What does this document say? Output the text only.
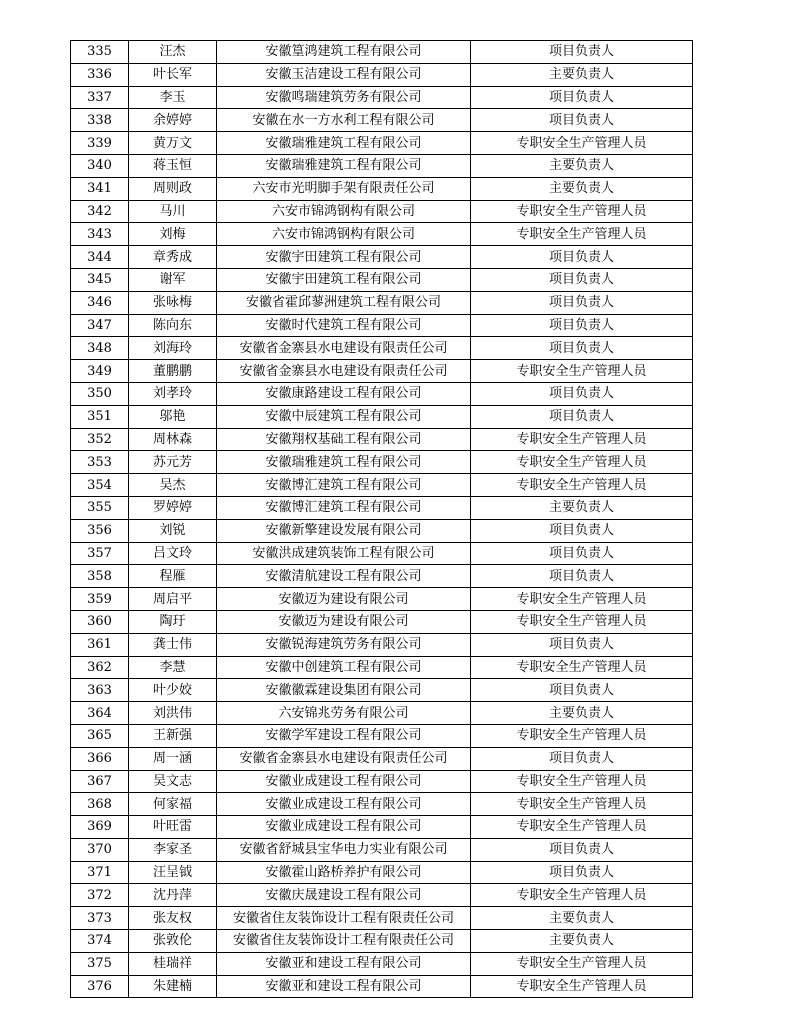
335	汪杰	安徽篁鸿建筑工程有限公司	项目负责人
336	叶长军	安徽玉洁建设工程有限公司	主要负责人
337	李玉	安徽鸣瑞建筑劳务有限公司	项目负责人
338	余婷婷	安徽在水一方水利工程有限公司	项目负责人
339	黄万文	安徽瑞雅建筑工程有限公司	专职安全生产管理人员
340	蒋玉恒	安徽瑞雅建筑工程有限公司	主要负责人
341	周则政	六安市光明脚手架有限责任公司	主要负责人
342	马川	六安市锦鸿钢构有限公司	专职安全生产管理人员
343	刘梅	六安市锦鸿钢构有限公司	专职安全生产管理人员
344	章秀成	安徽宇田建筑工程有限公司	项目负责人
345	谢军	安徽宇田建筑工程有限公司	项目负责人
346	张咏梅	安徽省霍邱蓼洲建筑工程有限公司	项目负责人
347	陈向东	安徽时代建筑工程有限公司	项目负责人
348	刘海玲	安徽省金寨县水电建设有限责任公司	项目负责人
349	董鹏鹏	安徽省金寨县水电建设有限责任公司	专职安全生产管理人员
350	刘孝玲	安徽康路建设工程有限公司	项目负责人
351	邬艳	安徽中辰建筑工程有限公司	项目负责人
352	周林森	安徽翔权基础工程有限公司	专职安全生产管理人员
353	苏元芳	安徽瑞雅建筑工程有限公司	专职安全生产管理人员
354	吴杰	安徽博汇建筑工程有限公司	专职安全生产管理人员
355	罗婷婷	安徽博汇建筑工程有限公司	主要负责人
356	刘锐	安徽新擎建设发展有限公司	项目负责人
357	吕文玲	安徽洪成建筑装饰工程有限公司	项目负责人
358	程雁	安徽清航建设工程有限公司	项目负责人
359	周启平	安徽迈为建设有限公司	专职安全生产管理人员
360	陶玗	安徽迈为建设有限公司	专职安全生产管理人员
361	龚士伟	安徽锐海建筑劳务有限公司	项目负责人
362	李慧	安徽中创建筑工程有限公司	专职安全生产管理人员
363	叶少姣	安徽徽霖建设集团有限公司	项目负责人
364	刘洪伟	六安锦兆劳务有限公司	主要负责人
365	王新强	安徽学军建设工程有限公司	专职安全生产管理人员
366	周一涵	安徽省金寨县水电建设有限责任公司	项目负责人
367	吴文志	安徽业成建设工程有限公司	专职安全生产管理人员
368	何家福	安徽业成建设工程有限公司	专职安全生产管理人员
369	叶旺雷	安徽业成建设工程有限公司	专职安全生产管理人员
370	李家圣	安徽省舒城县宝华电力实业有限公司	项目负责人
371	汪呈钺	安徽霍山路桥养护有限公司	项目负责人
372	沈丹萍	安徽庆晟建设工程有限公司	专职安全生产管理人员
373	张友权	安徽省住友装饰设计工程有限责任公司	主要负责人
374	张敦伦	安徽省住友装饰设计工程有限责任公司	主要负责人
375	桂瑞祥	安徽亚和建设工程有限公司	专职安全生产管理人员
376	朱建楠	安徽亚和建设工程有限公司	专职安全生产管理人员
